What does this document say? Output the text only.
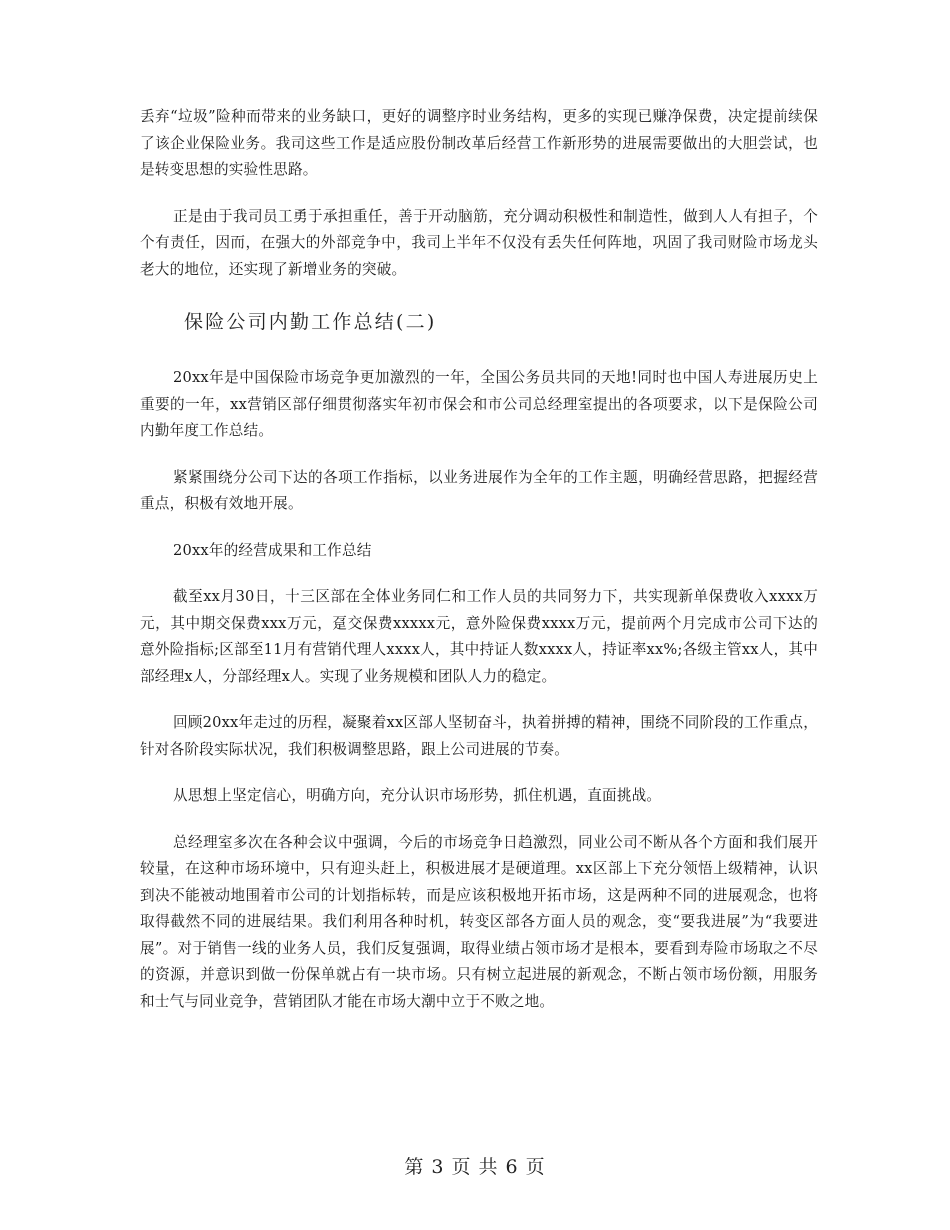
丢弃“垃圾”险种而带来的业务缺口，更好的调整序时业务结构，更多的实现已赚净保费，决定提前续保了该企业保险业务。我司这些工作是适应股份制改革后经营工作新形势的进展需要做出的大胆尝试，也是转变思想的实验性思路。

正是由于我司员工勇于承担重任，善于开动脑筋，充分调动积极性和制造性，做到人人有担子，个个有责任，因而，在强大的外部竞争中，我司上半年不仅没有丢失任何阵地，巩固了我司财险市场龙头老大的地位，还实现了新增业务的突破。

保险公司内勤工作总结(二)

20xx年是中国保险市场竞争更加激烈的一年，全国公务员共同的天地!同时也中国人寿进展历史上重要的一年，xx营销区部仔细贯彻落实年初市保会和市公司总经理室提出的各项要求，以下是保险公司内勤年度工作总结。

紧紧围绕分公司下达的各项工作指标，以业务进展作为全年的工作主题，明确经营思路，把握经营重点，积极有效地开展。

20xx年的经营成果和工作总结

截至xx月30日，十三区部在全体业务同仁和工作人员的共同努力下，共实现新单保费收入xxxx万元，其中期交保费xxx万元，趸交保费xxxxx元，意外险保费xxxx万元，提前两个月完成市公司下达的意外险指标;区部至11月有营销代理人xxxx人，其中持证人数xxxx人，持证率xx%;各级主管xx人，其中部经理x人，分部经理x人。实现了业务规模和团队人力的稳定。

回顾20xx年走过的历程，凝聚着xx区部人坚韧奋斗，执着拼搏的精神，围绕不同阶段的工作重点，针对各阶段实际状况，我们积极调整思路，跟上公司进展的节奏。

从思想上坚定信心，明确方向，充分认识市场形势，抓住机遇，直面挑战。

总经理室多次在各种会议中强调，今后的市场竞争日趋激烈，同业公司不断从各个方面和我们展开较量，在这种市场环境中，只有迎头赶上，积极进展才是硬道理。xx区部上下充分领悟上级精神，认识到决不能被动地围着市公司的计划指标转，而是应该积极地开拓市场，这是两种不同的进展观念，也将取得截然不同的进展结果。我们利用各种时机，转变区部各方面人员的观念，变“要我进展”为“我要进展”。对于销售一线的业务人员，我们反复强调，取得业绩占领市场才是根本，要看到寿险市场取之不尽的资源，并意识到做一份保单就占有一块市场。只有树立起进展的新观念，不断占领市场份额，用服务和士气与同业竞争，营销团队才能在市场大潮中立于不败之地。

第 3 页 共 6 页
